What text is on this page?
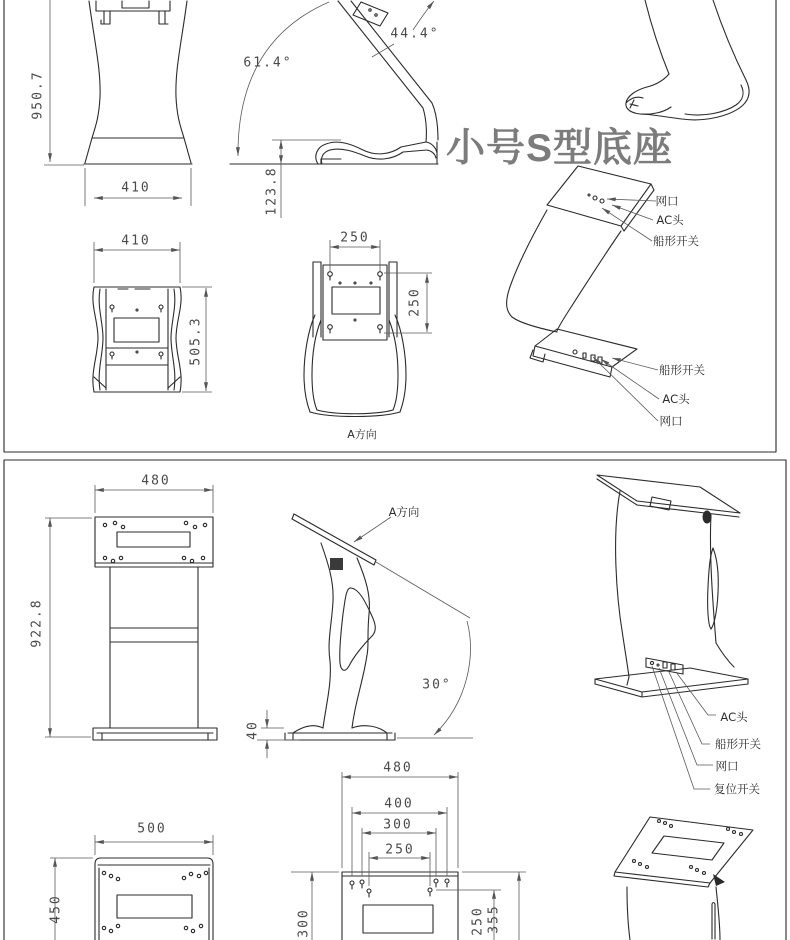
小号S型底座
950.7
410
61.4°
44.4°
123.8
410
505.3
250
250
A方向
网口
AC头
船形开关
船形开关
AC头
网口
480
922.8
A方向
30°
40
500
450
480
400
300
250
300	250 355
AC头
船形开关
网口
复位开关
